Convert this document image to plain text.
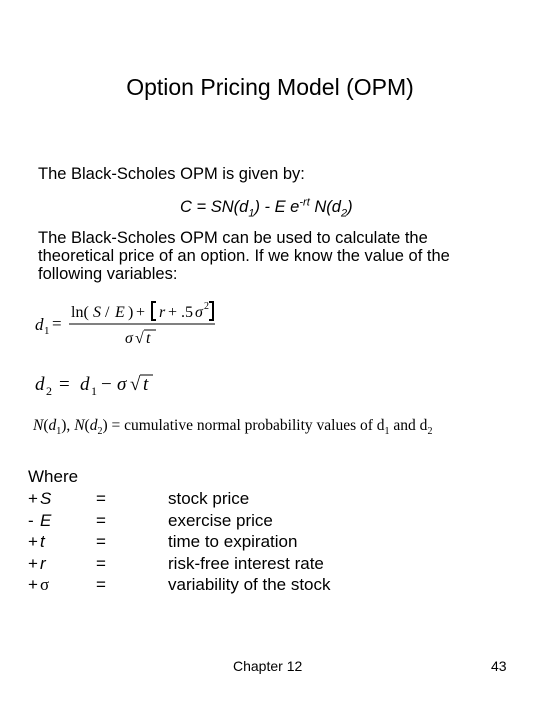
Option Pricing Model (OPM)
The Black-Scholes OPM is given by:
$C = SN(d_1) - E$ $e^{-rt}$ $N(d_2)$
The Black-Scholes OPM can be used to calculate the
theoretical price of an option. If we know the value of the
following variables:
d 1 =
ln( S / E ) + r + .5 σ 2
σ √ t
d 2 = d 1 − σ √ t
$N(d_1)$, $N(d_2)$ = cumulative normal probability values of $d_1$ and $d_2$
Where
+ S	=	stock price
- E	=	exercise price
+ t	=	time to expiration
+ r	=	risk-free interest rate
+ σ	=	variability of the stock
Chapter 12	43
